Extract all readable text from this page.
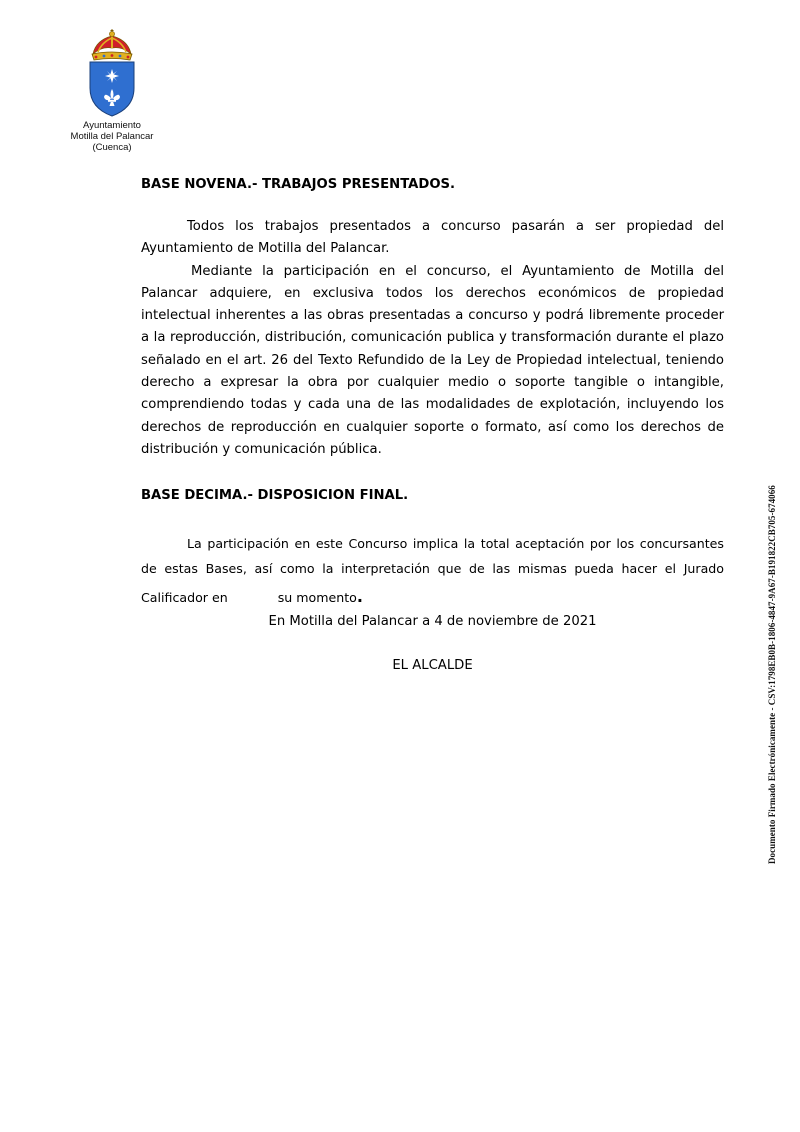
Ayuntamiento
Motilla del Palancar
(Cuenca)

BASE NOVENA.- TRABAJOS PRESENTADOS.

Todos los trabajos presentados a concurso pasarán a ser propiedad del Ayuntamiento de Motilla del Palancar.

Mediante la participación en el concurso, el Ayuntamiento de Motilla del Palancar adquiere, en exclusiva todos los derechos económicos de propiedad intelectual inherentes a las obras presentadas a concurso y podrá libremente proceder a la reproducción, distribución, comunicación publica y transformación durante el plazo señalado en el art. 26 del Texto Refundido de la Ley de Propiedad intelectual, teniendo derecho a expresar la obra por cualquier medio o soporte tangible o intangible, comprendiendo todas y cada una de las modalidades de explotación, incluyendo los derechos de reproducción en cualquier soporte o formato, así como los derechos de distribución y comunicación pública.

BASE DECIMA.- DISPOSICION FINAL.

La participación en este Concurso implica la total aceptación por los concursantes de estas Bases, así como la interpretación que de las mismas pueda hacer el Jurado Calificador en	su momento.

En Motilla del Palancar a 4 de noviembre de 2021

EL ALCALDE	Documento Firmado Electrónicamente - CSV:1798EB0B-1806-4847-9A67-B191822CB705-674066
